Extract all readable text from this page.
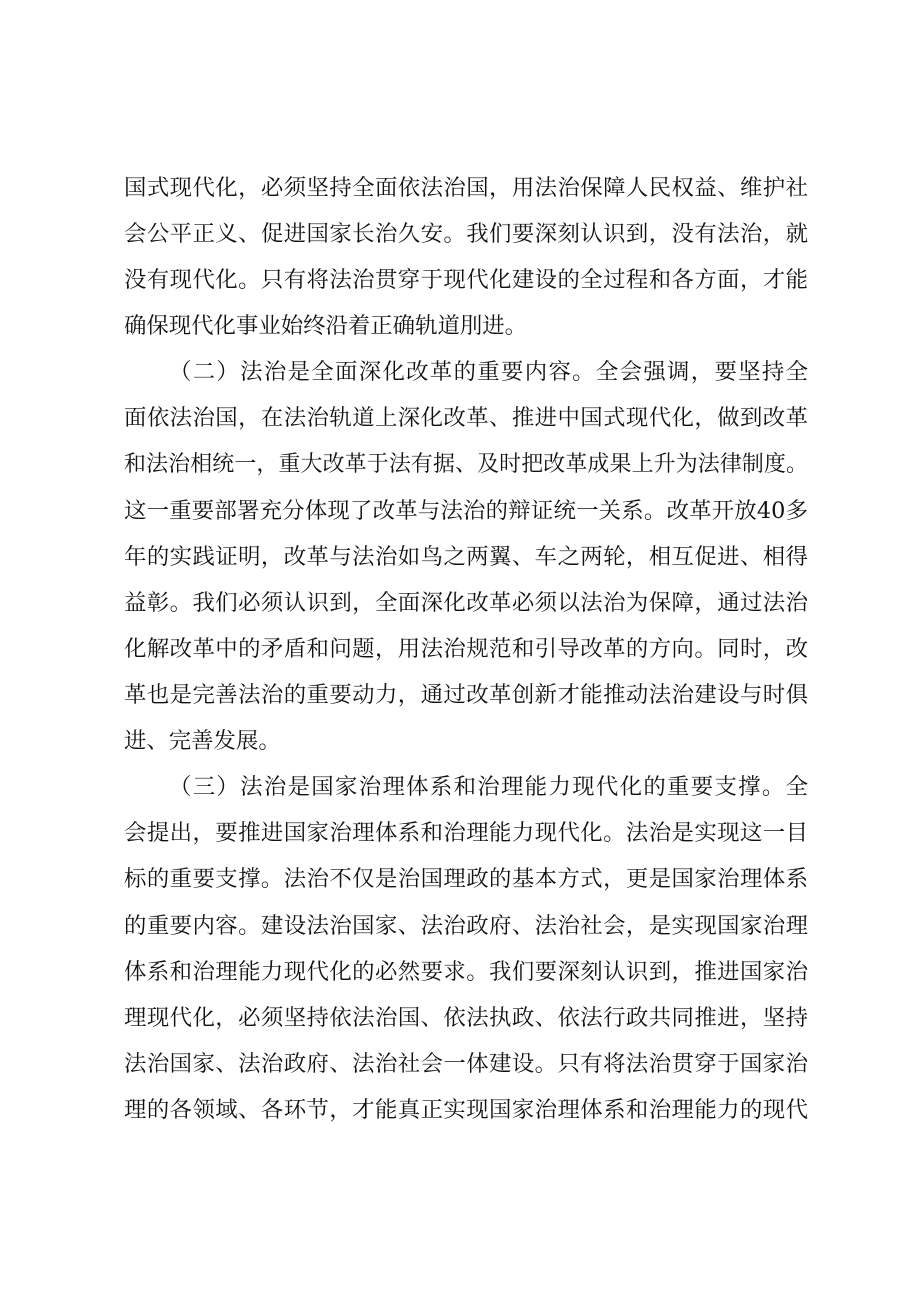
国式现代化，必须坚持全面依法治国，用法治保障人民权益、维护社
会公平正义、促进国家长治久安。我们要深刻认识到，没有法治，就
没有现代化。只有将法治贯穿于现代化建设的全过程和各方面，才能
确保现代化事业始终沿着正确轨道刖进。
（二）法治是全面深化改革的重要内容。全会强调，要坚持全
面依法治国，在法治轨道上深化改革、推进中国式现代化，做到改革
和法治相统一，重大改革于法有据、及时把改革成果上升为法律制度。
这一重要部署充分体现了改革与法治的辩证统一关系。改革开放40多
年的实践证明，改革与法治如鸟之两翼、车之两轮，相互促进、相得
益彰。我们必须认识到，全面深化改革必须以法治为保障，通过法治
化解改革中的矛盾和问题，用法治规范和引导改革的方向。同时，改
革也是完善法治的重要动力，通过改革创新才能推动法治建设与时俱
进、完善发展。
（三）法治是国家治理体系和治理能力现代化的重要支撑。全
会提出，要推进国家治理体系和治理能力现代化。法治是实现这一目
标的重要支撑。法治不仅是治国理政的基本方式，更是国家治理体系
的重要内容。建设法治国家、法治政府、法治社会，是实现国家治理
体系和治理能力现代化的必然要求。我们要深刻认识到，推进国家治
理现代化，必须坚持依法治国、依法执政、依法行政共同推进，坚持
法治国家、法治政府、法治社会一体建设。只有将法治贯穿于国家治
理的各领域、各环节，才能真正实现国家治理体系和治理能力的现代
